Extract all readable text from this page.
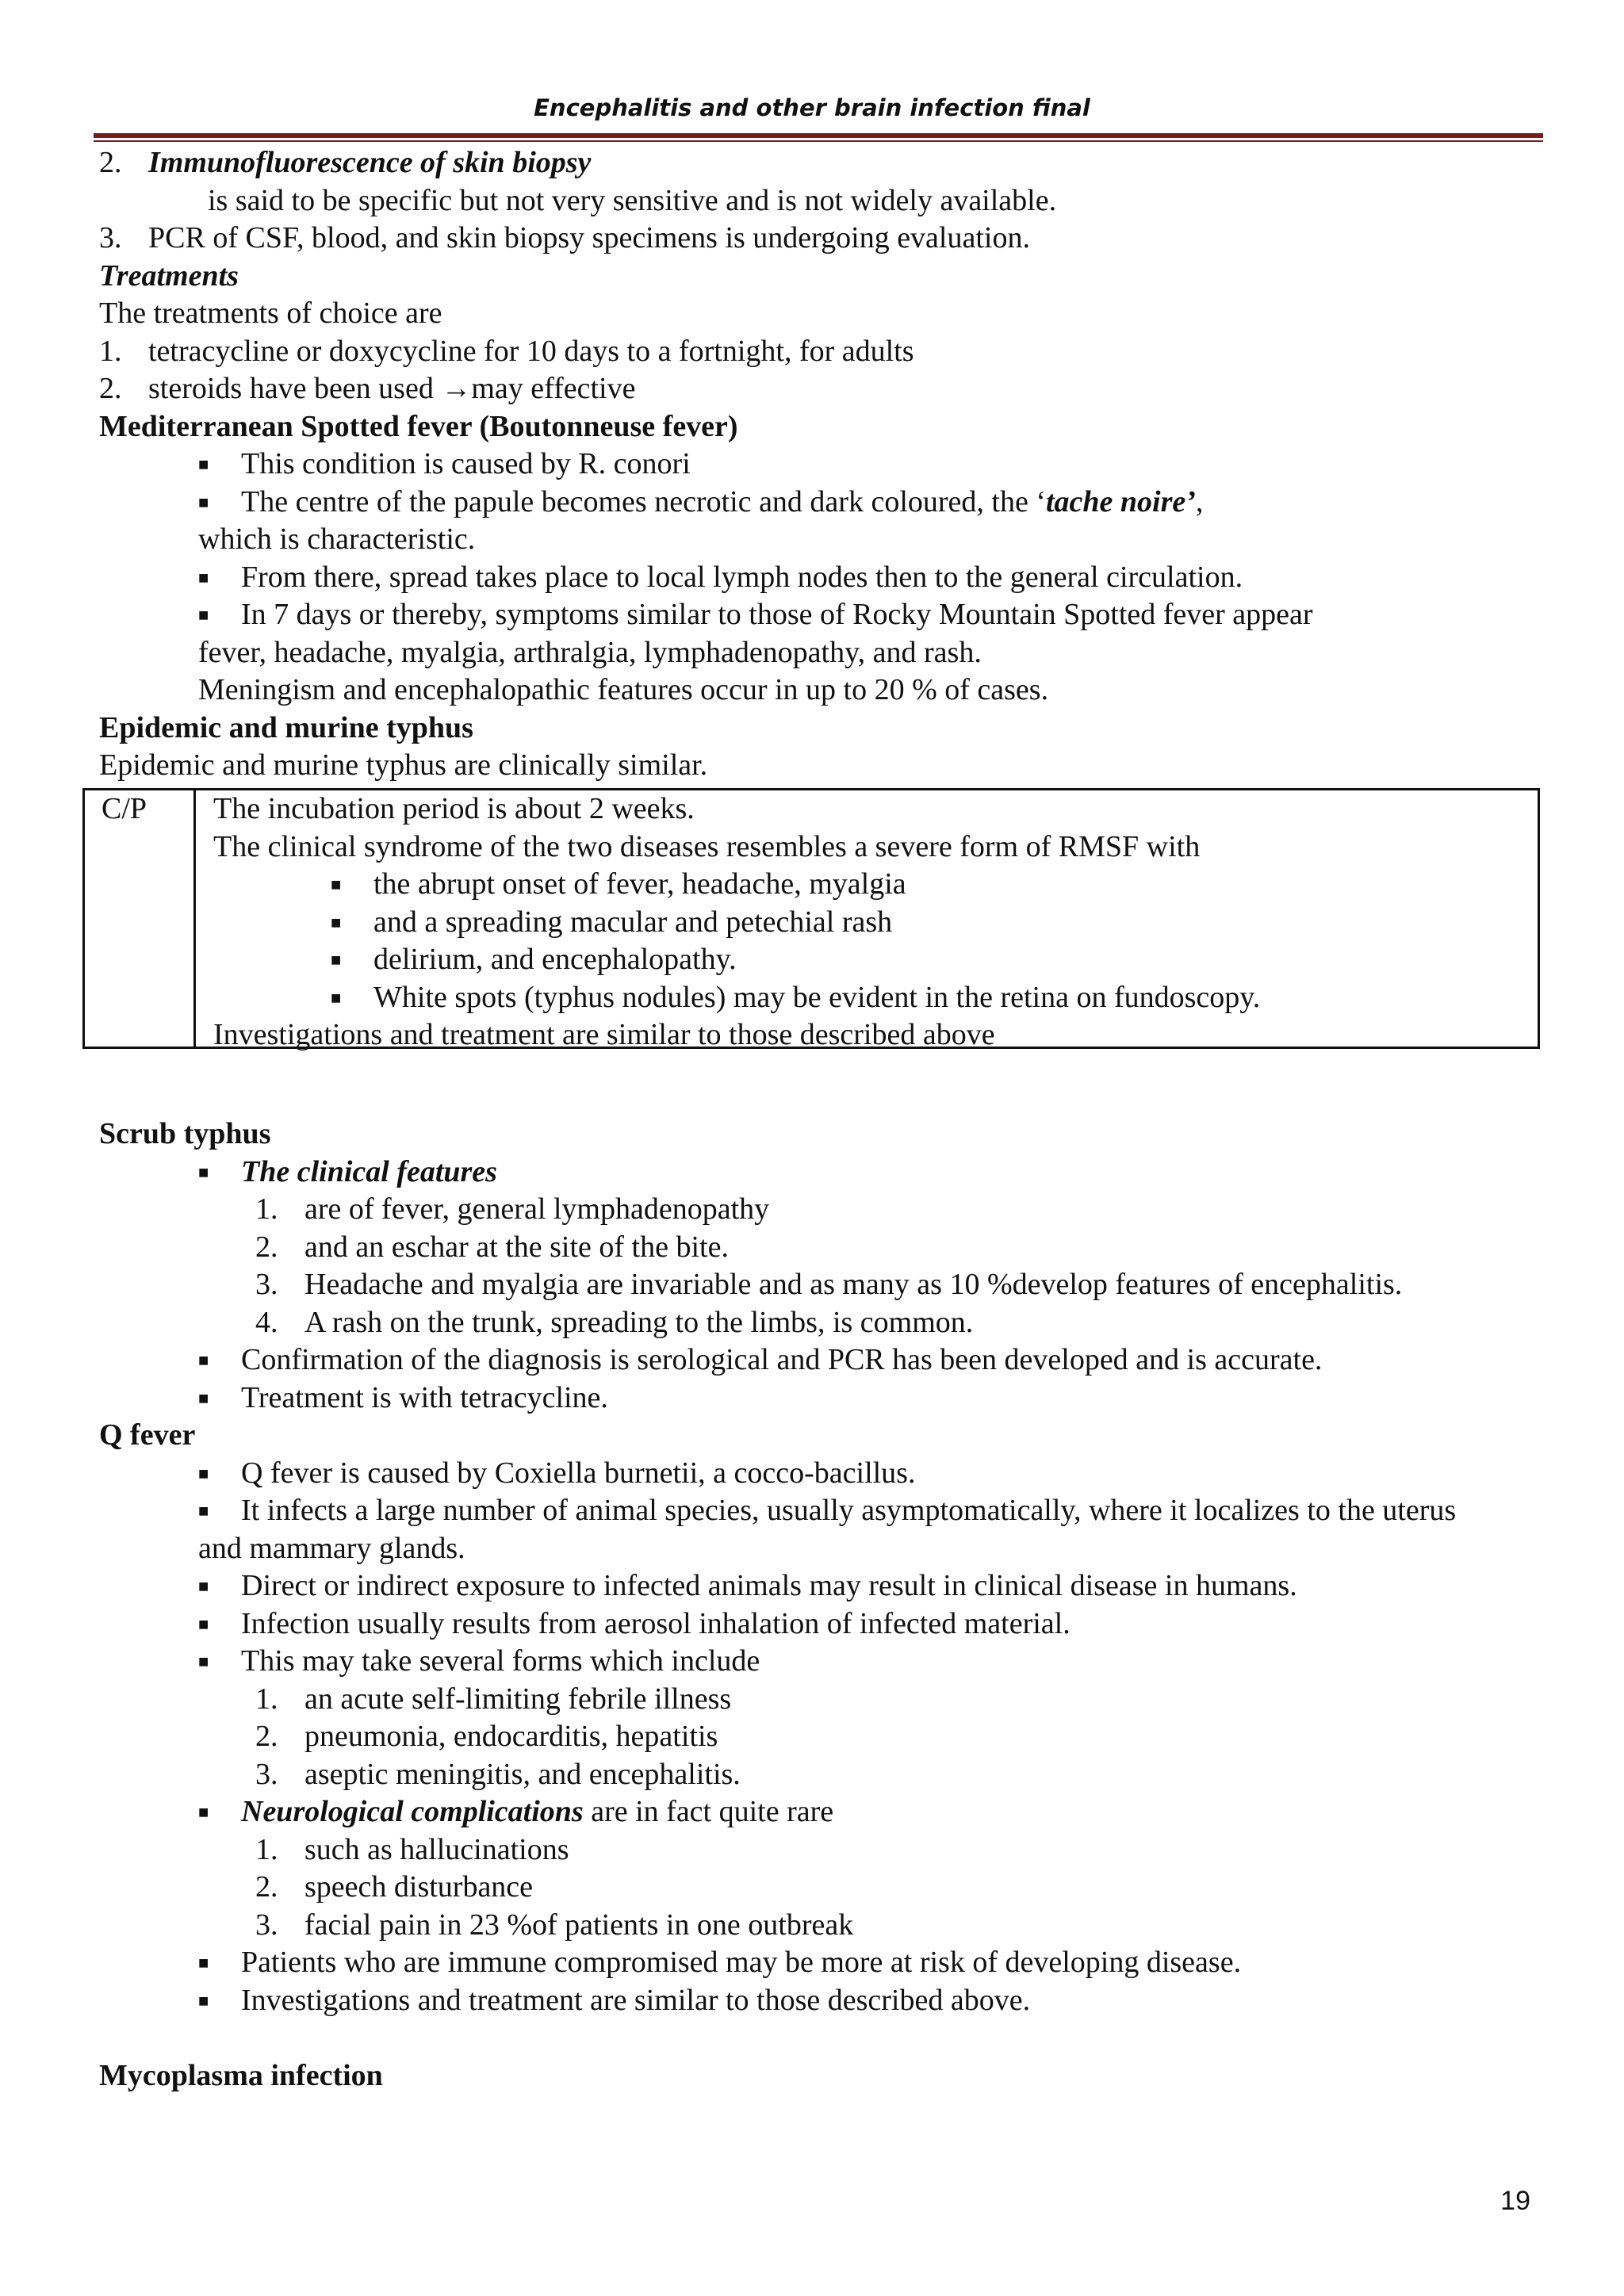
Encephalitis and other brain infection final
2. Immunofluorescence of skin biopsy
is said to be specific but not very sensitive and is not widely available.
3. PCR of CSF, blood, and skin biopsy specimens is undergoing evaluation.
Treatments
The treatments of choice are
1. tetracycline or doxycycline for 10 days to a fortnight, for adults
2. steroids have been used →may effective
Mediterranean Spotted fever (Boutonneuse fever)
■ This condition is caused by R. conori
■ The centre of the papule becomes necrotic and dark coloured, the ‘tache noire’,
which is characteristic.
■ From there, spread takes place to local lymph nodes then to the general circulation.
■ In 7 days or thereby, symptoms similar to those of Rocky Mountain Spotted fever appear
fever, headache, myalgia, arthralgia, lymphadenopathy, and rash.
Meningism and encephalopathic features occur in up to 20 % of cases.
Epidemic and murine typhus
Epidemic and murine typhus are clinically similar.
C/P The incubation period is about 2 weeks.
The clinical syndrome of the two diseases resembles a severe form of RMSF with
■ the abrupt onset of fever, headache, myalgia
■ and a spreading macular and petechial rash
■ delirium, and encephalopathy.
■ White spots (typhus nodules) may be evident in the retina on fundoscopy.
Investigations and treatment are similar to those described above
Scrub typhus
■ The clinical features
1. are of fever, general lymphadenopathy
2. and an eschar at the site of the bite.
3. Headache and myalgia are invariable and as many as 10 %develop features of encephalitis.
4. A rash on the trunk, spreading to the limbs, is common.
■ Confirmation of the diagnosis is serological and PCR has been developed and is accurate.
■ Treatment is with tetracycline.
Q fever
■ Q fever is caused by Coxiella burnetii, a cocco-bacillus.
■ It infects a large number of animal species, usually asymptomatically, where it localizes to the uterus
and mammary glands.
■ Direct or indirect exposure to infected animals may result in clinical disease in humans.
■ Infection usually results from aerosol inhalation of infected material.
■ This may take several forms which include
1. an acute self-limiting febrile illness
2. pneumonia, endocarditis, hepatitis
3. aseptic meningitis, and encephalitis.
■ Neurological complications are in fact quite rare
1. such as hallucinations
2. speech disturbance
3. facial pain in 23 %of patients in one outbreak
■ Patients who are immune compromised may be more at risk of developing disease.
■ Investigations and treatment are similar to those described above.
Mycoplasma infection
19
